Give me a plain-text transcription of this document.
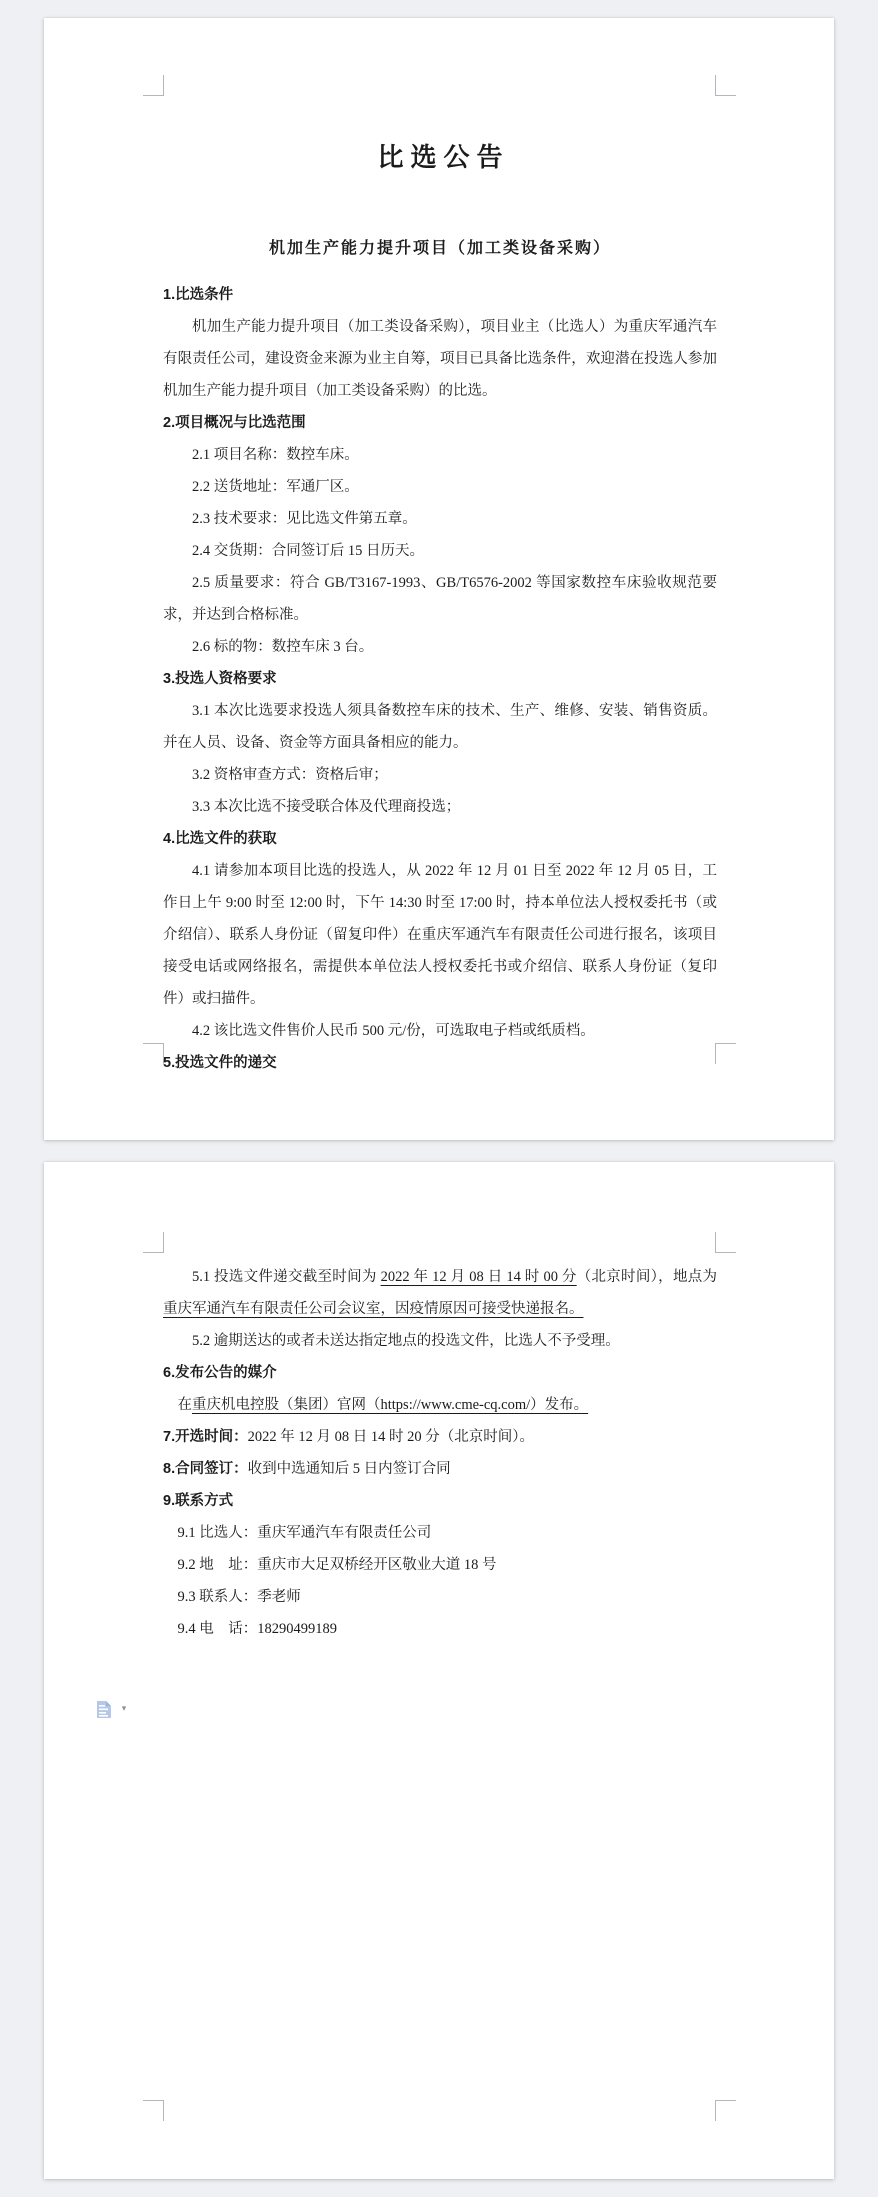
比选公告

机加生产能力提升项目（加工类设备采购）

1.比选条件

机加生产能力提升项目（加工类设备采购），项目业主（比选人）为重庆军通汽车有限责任公司，建设资金来源为业主自筹，项目已具备比选条件，欢迎潜在投选人参加机加生产能力提升项目（加工类设备采购）的比选。

2.项目概况与比选范围

2.1 项目名称：数控车床。

2.2 送货地址：军通厂区。

2.3 技术要求：见比选文件第五章。

2.4 交货期：合同签订后 15 日历天。

2.5 质量要求：符合 GB/T3167-1993、GB/T6576-2002 等国家数控车床验收规范要求，并达到合格标准。

2.6 标的物：数控车床 3 台。

3.投选人资格要求

3.1 本次比选要求投选人须具备数控车床的技术、生产、维修、安装、销售资质。并在人员、设备、资金等方面具备相应的能力。

3.2 资格审查方式：资格后审；

3.3 本次比选不接受联合体及代理商投选；

4.比选文件的获取

4.1 请参加本项目比选的投选人，从 2022 年 12 月 01 日至 2022 年 12 月 05 日，工作日上午 9:00 时至 12:00 时，下午 14:30 时至 17:00 时，持本单位法人授权委托书（或介绍信）、联系人身份证（留复印件）在重庆军通汽车有限责任公司进行报名，该项目接受电话或网络报名，需提供本单位法人授权委托书或介绍信、联系人身份证（复印件）或扫描件。

4.2 该比选文件售价人民币 500 元/份，可选取电子档或纸质档。

5.投选文件的递交

5.1 投选文件递交截至时间为 2022 年 12 月 08 日 14 时 00 分（北京时间），地点为重庆军通汽车有限责任公司会议室，因疫情原因可接受快递报名。

5.2 逾期送达的或者未送达指定地点的投选文件，比选人不予受理。

6.发布公告的媒介

在重庆机电控股（集团）官网（https://www.cme-cq.com/）发布。

7.开选时间：2022 年 12 月 08 日 14 时 20 分（北京时间）。

8.合同签订：收到中选通知后 5 日内签订合同

9.联系方式

9.1 比选人：重庆军通汽车有限责任公司

9.2 地　址：重庆市大足双桥经开区敬业大道 18 号

9.3 联系人：季老师

9.4 电　话：18290499189

▾
